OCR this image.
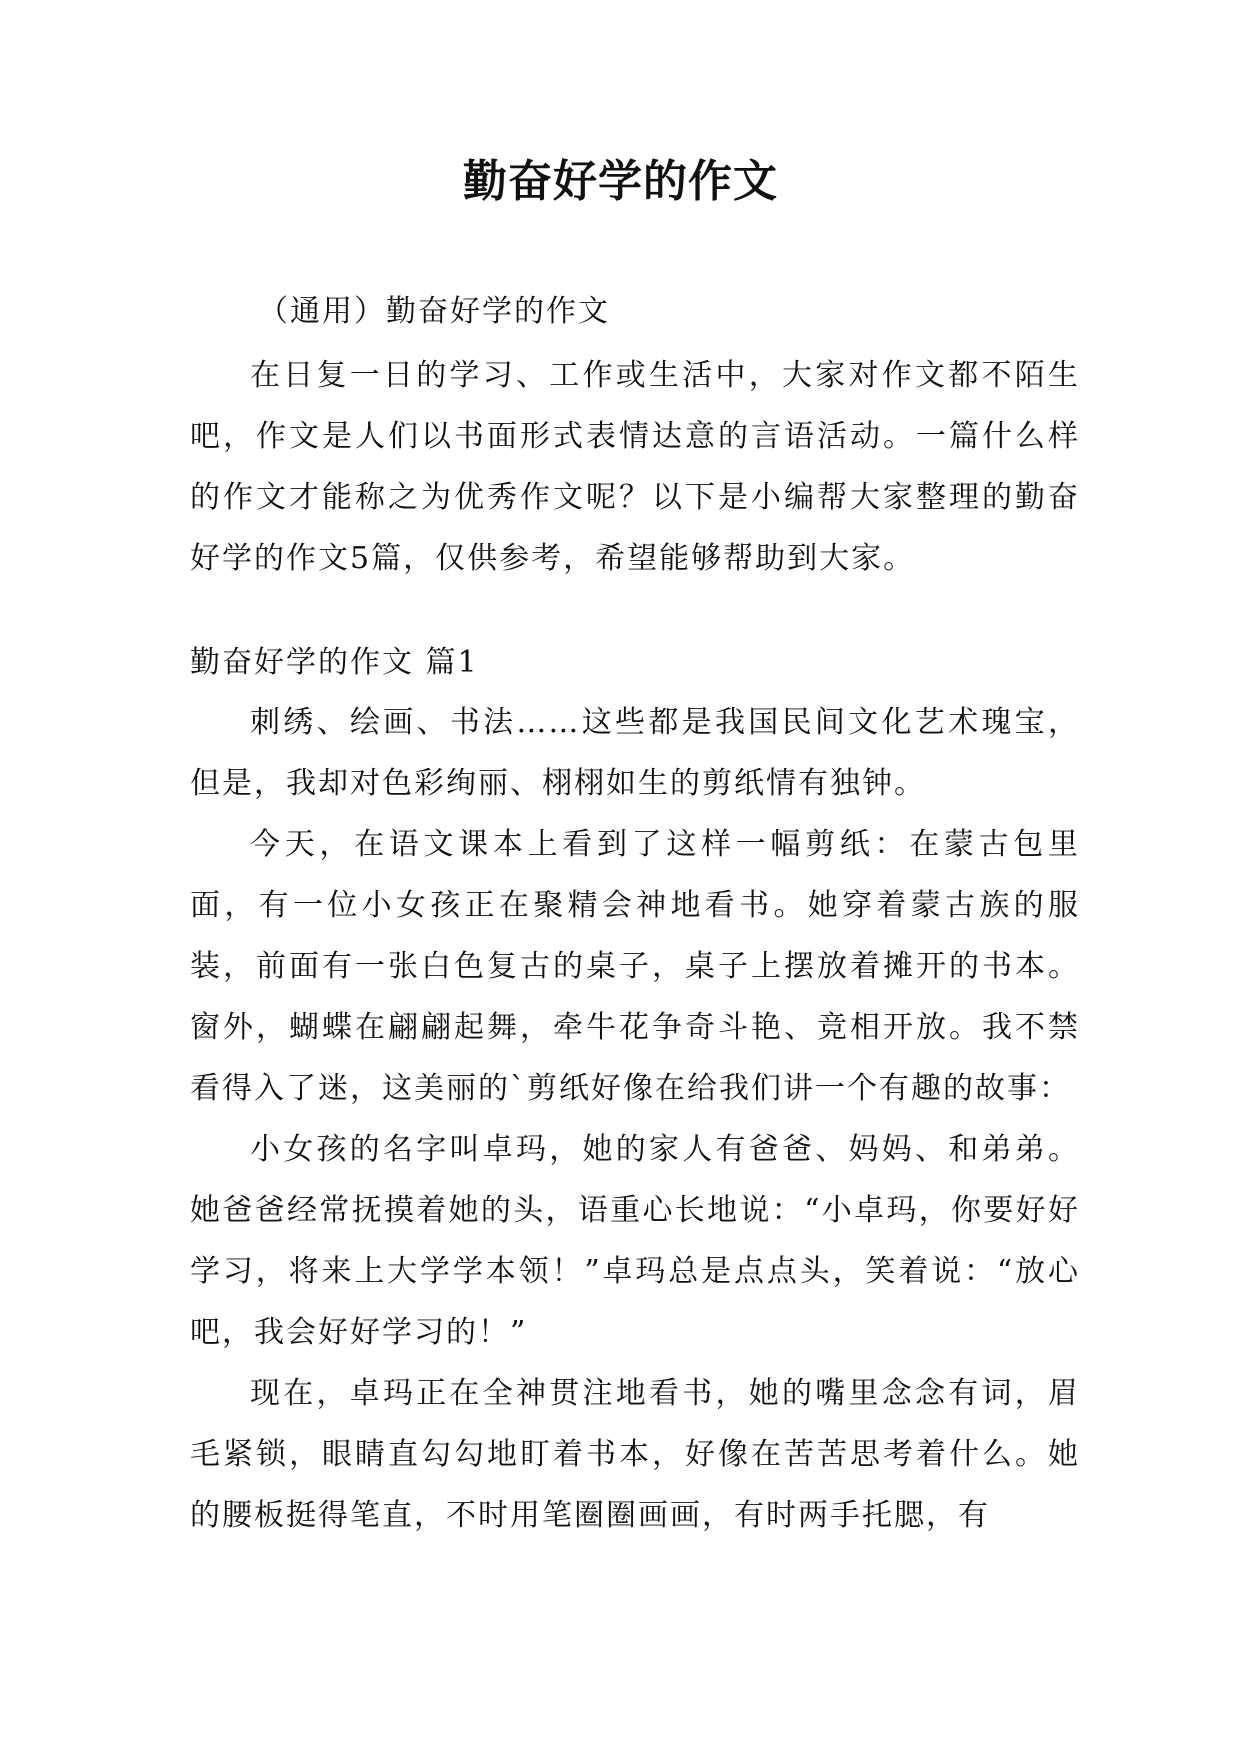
勤奋好学的作文
（通用）勤奋好学的作文

在日复一日的学习、工作或生活中，大家对作文都不陌生吧，作文是人们以书面形式表情达意的言语活动。一篇什么样的作文才能称之为优秀作文呢？以下是小编帮大家整理的勤奋好学的作文5篇，仅供参考，希望能够帮助到大家。

勤奋好学的作文 篇1

刺绣、绘画、书法……这些都是我国民间文化艺术瑰宝，但是，我却对色彩绚丽、栩栩如生的剪纸情有独钟。

今天，在语文课本上看到了这样一幅剪纸：在蒙古包里面，有一位小女孩正在聚精会神地看书。她穿着蒙古族的服装，前面有一张白色复古的桌子，桌子上摆放着摊开的书本。窗外，蝴蝶在翩翩起舞，牵牛花争奇斗艳、竞相开放。我不禁看得入了迷，这美丽的`剪纸好像在给我们讲一个有趣的故事：

小女孩的名字叫卓玛，她的家人有爸爸、妈妈、和弟弟。她爸爸经常抚摸着她的头，语重心长地说：“小卓玛，你要好好学习，将来上大学学本领！”卓玛总是点点头，笑着说：“放心吧，我会好好学习的！”

现在，卓玛正在全神贯注地看书，她的嘴里念念有词，眉毛紧锁，眼睛直勾勾地盯着书本，好像在苦苦思考着什么。她的腰板挺得笔直，不时用笔圈圈画画，有时两手托腮，有
